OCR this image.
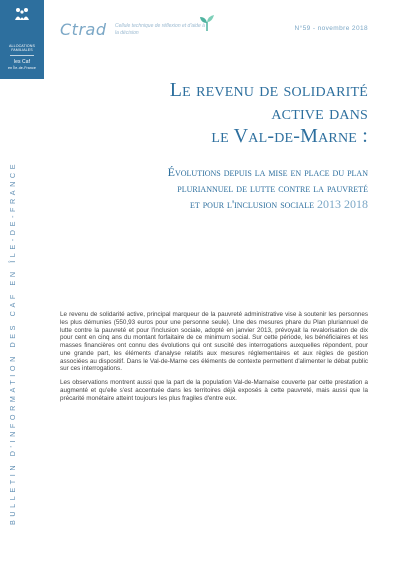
ALLOCATIONS
FAMILIALES
les Caf
en Île-de-France
Ctrad Cellule technique de réflexion et d'aide à la décision
N°59 - novembre 2018
BULLETIN D'INFORMATION DES CAF EN ÎLE-DE-FRANCE
Le revenu de solidarité
active dans
le Val-de-Marne :
Évolutions depuis la mise en place du plan
pluriannuel de lutte contre la pauvreté
et pour l'inclusion sociale 2013 2018

Le revenu de solidarité active, principal marqueur de la pauvreté administrative vise à soutenir les personnes les plus démunies (550,93 euros pour une personne seule). Une des mesures phare du Plan pluriannuel de lutte contre la pauvreté et pour l'inclusion sociale, adopté en janvier 2013, prévoyait la revalorisation de dix pour cent en cinq ans du montant forfaitaire de ce minimum social. Sur cette période, les bénéficiaires et les masses financières ont connu des évolutions qui ont suscité des interrogations auxquelles répondent, pour une grande part, les éléments d'analyse relatifs aux mesures réglementaires et aux règles de gestion associées au dispositif. Dans le Val-de-Marne ces éléments de contexte permettent d'alimenter le débat public sur ces interrogations.

Les observations montrent aussi que la part de la population Val-de-Marnaise couverte par cette prestation a augmenté et qu'elle s'est accentuée dans les territoires déjà exposés à cette pauvreté, mais aussi que la précarité monétaire atteint toujours les plus fragiles d'entre eux.
